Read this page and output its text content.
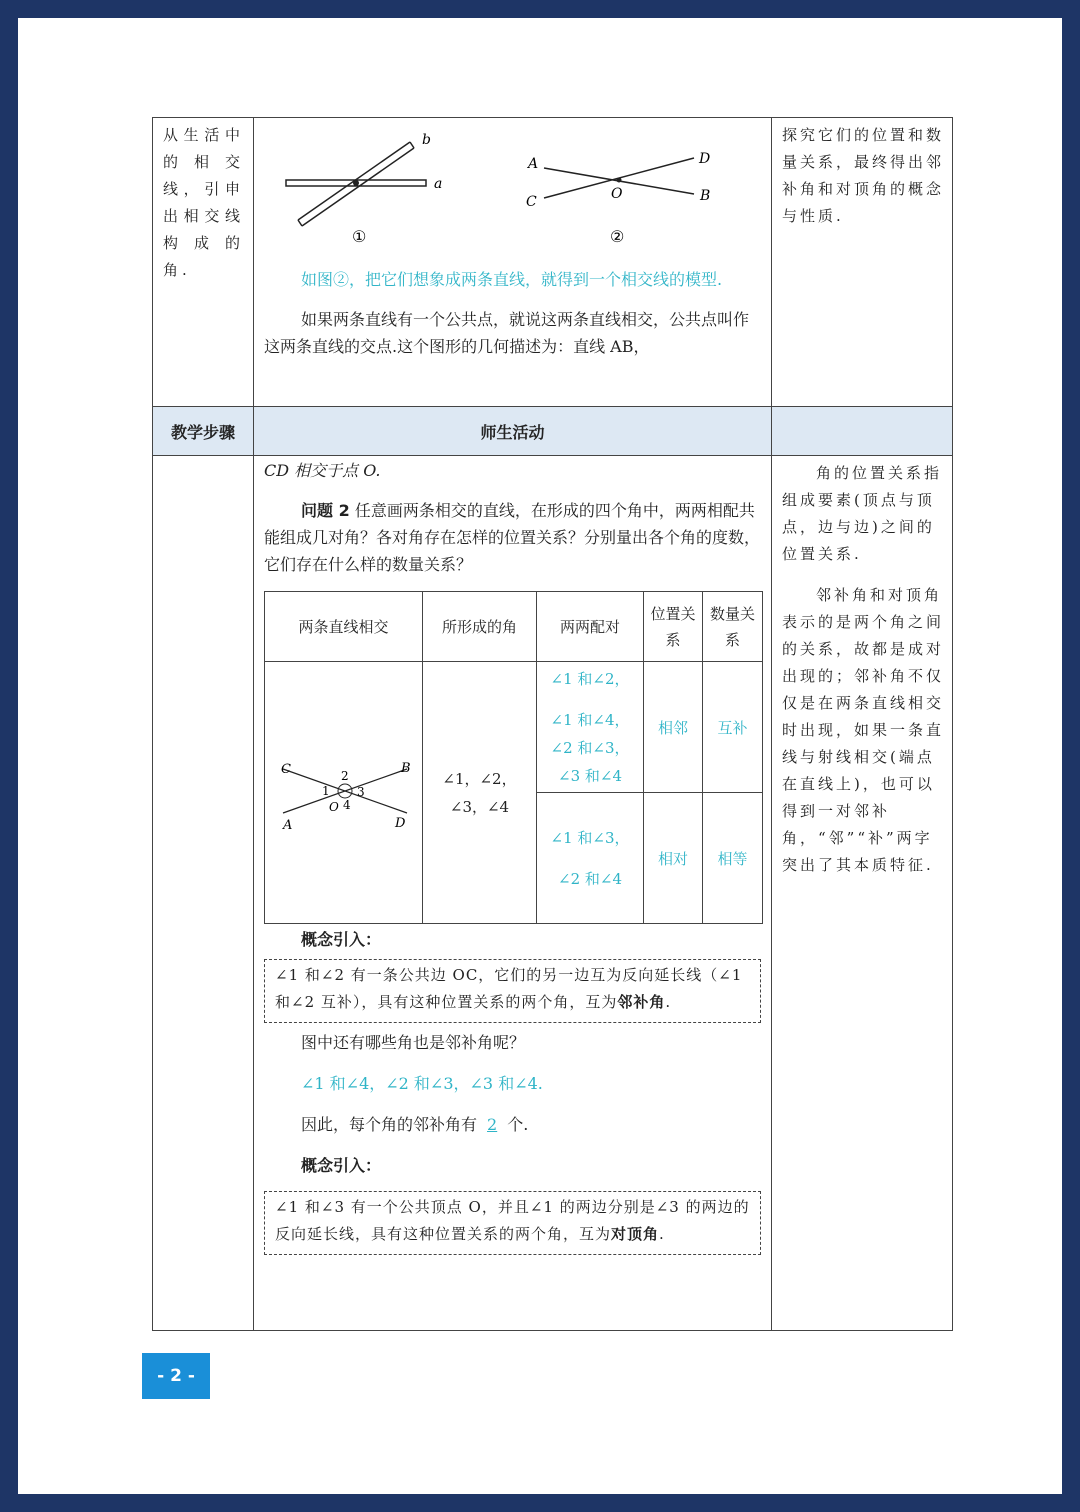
从生活中的相交线，引申出相交线构成的角.	
b
a
①
A	D
C	B
O
②

如图②，把它们想象成两条直线，就得到一个相交线的模型.

如果两条直线有一个公共点，就说这两条直线相交，公共点叫作这两条直线的交点.这个图形的几何描述为：直线 AB，

	探究它们的位置和数量关系，最终得出邻补角和对顶角的概念与性质.
教学步骤	师生活动	

CD 相交于点 O.

问题 2 任意画两条相交的直线，在形成的四个角中，两两相配共能组成几对角？各对角存在怎样的位置关系？分别量出各个角的度数，它们存在什么样的数量关系？

两条直线相交	所形成的角	两两配对	位置关系	数量关系

C	B
A	D
O
1
2
3
4

∠1，∠2，
∠3，∠4

∠1 和∠2，
∠1 和∠4，
∠2 和∠3，
∠3 和∠4
	相邻	互补

∠1 和∠3，
∠2 和∠4
	相对	相等

概念引入：

∠1 和∠2 有一条公共边 OC，它们的另一边互为反向延长线（∠1 和∠2 互补），具有这种位置关系的两个角，互为邻补角.

图中还有哪些角也是邻补角呢？

∠1 和∠4，∠2 和∠3，∠3 和∠4.

因此，每个角的邻补角有 2 个.

概念引入：

∠1 和∠3 有一个公共顶点 O，并且∠1 的两边分别是∠3 的两边的反向延长线，具有这种位置关系的两个角，互为对顶角.

角的位置关系指组成要素(顶点与顶点，边与边)之间的位置关系.

邻补角和对顶角表示的是两个角之间的关系，故都是成对出现的；邻补角不仅仅是在两条直线相交时出现，如果一条直线与射线相交(端点在直线上)，也可以得到一对邻补角，“邻”“补”两字突出了其本质特征.

- 2 -
